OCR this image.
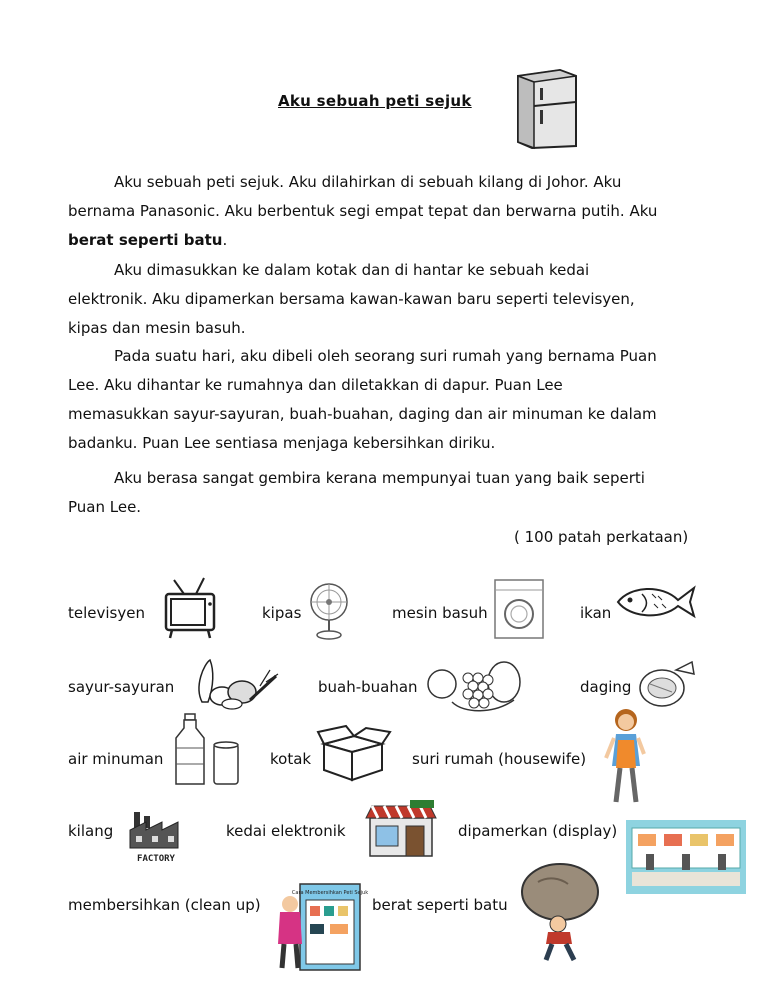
Aku sebuah peti sejuk
Aku sebuah peti sejuk. Aku dilahirkan di sebuah kilang di Johor. Aku
bernama Panasonic. Aku berbentuk segi empat tepat dan berwarna putih. Aku
berat seperti batu.
Aku dimasukkan ke dalam kotak dan di hantar ke sebuah kedai
elektronik. Aku dipamerkan bersama kawan-kawan baru seperti televisyen,
kipas dan mesin basuh.
Pada suatu hari, aku dibeli oleh seorang suri rumah yang bernama Puan
Lee. Aku dihantar ke rumahnya dan diletakkan di dapur. Puan Lee
memasukkan sayur-sayuran, buah-buahan, daging dan air minuman ke dalam
badanku. Puan Lee sentiasa menjaga kebersihkan diriku.
Aku berasa sangat gembira kerana mempunyai tuan yang baik seperti
Puan Lee.
( 100 patah perkataan)
televisyen	kipas	mesin basuh	ikan
sayur-sayuran	buah-buahan	daging
air minuman	kotak	suri rumah (housewife)
kilang
FACTORY
kedai elektronik	dipamerkan (display)
membersihkan (clean up)
Cara Membersihkan Peti Sejuk
berat seperti batu
